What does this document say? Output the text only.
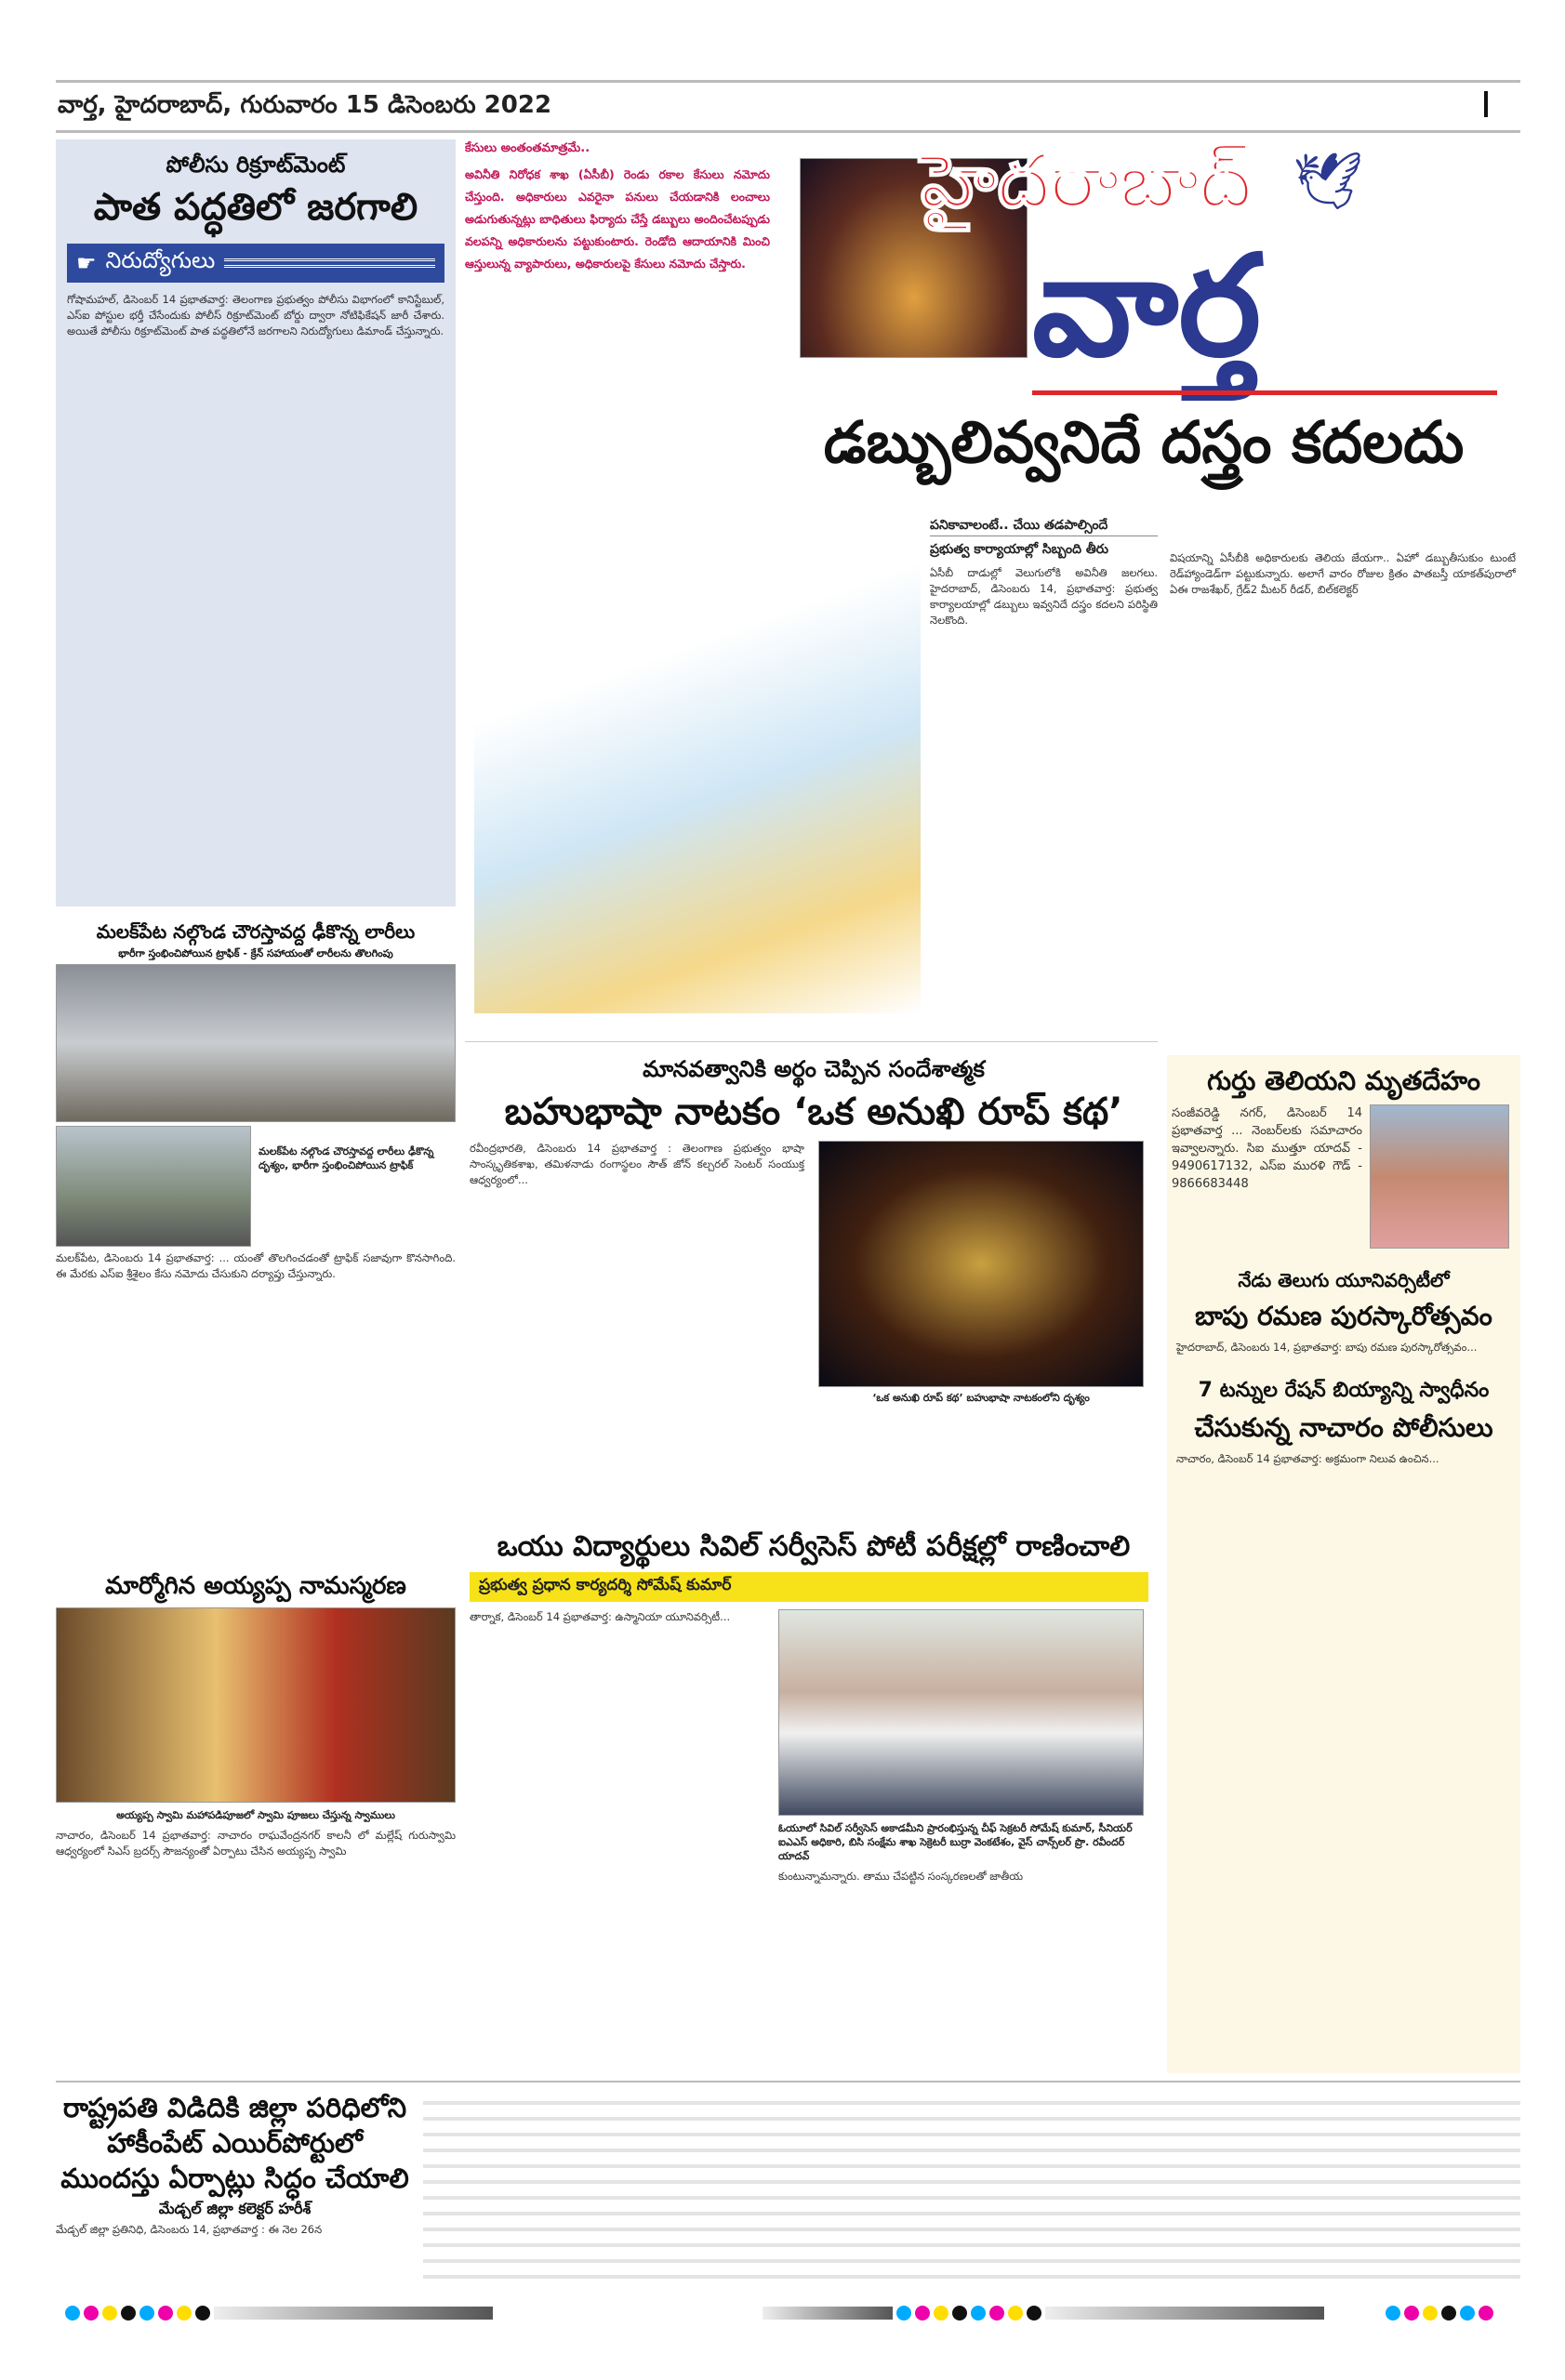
వార్త, హైదరాబాద్, గురువారం 15 డిసెంబరు 2022
పోలీసు రిక్రూట్‌మెంట్
పాత పద్ధతిలో జరగాలి
☛ నిరుద్యోగులు
గోషామహల్, డిసెంబర్ 14 ప్రభాతవార్త: తెలంగాణ ప్రభుత్వం పోలీసు విభాగంలో కానిస్టేబుల్, ఎస్ఐ పోస్టుల భర్తీ చేసేందుకు పోలీస్ రిక్రూట్‌మెంట్ బోర్డు ద్వారా నోటిఫికేషన్ జారీ చేశారు. అయితే పోలీసు రిక్రూట్‌మెంట్ పాత పద్ధతిలోనే జరగాలని నిరుద్యోగులు డిమాండ్ చేస్తున్నారు.
కేసులు అంతంతమాత్రమే..
అవినీతి నిరోధక శాఖ (ఏసీబీ) రెండు రకాల కేసులు నమోదు చేస్తుంది. అధికారులు ఎవరైనా పనులు చేయడానికి లంచాలు అడుగుతున్నట్లు బాధితులు ఫిర్యాదు చేస్తే డబ్బులు అందించేటప్పుడు వలపన్ని అధికారులను పట్టుకుంటారు. రెండోది ఆదాయానికి మించి ఆస్తులున్న వ్యాపారులు, అధికారులపై కేసులు నమోదు చేస్తారు.
హైదరాబాద్ 🕊
వార్త
డబ్బులివ్వనిదే దస్త్రం కదలదు
పనికావాలంటే.. చేయి తడపాల్సిందే
ప్రభుత్వ కార్యాయాల్లో సిబ్బంది తీరు
ఏసీబీ దాడుల్లో వెలుగులోకి అవినీతి జలగలు. హైదరాబాద్, డిసెంబరు 14, ప్రభాతవార్త: ప్రభుత్వ కార్యాలయాల్లో డబ్బులు ఇవ్వనిదే దస్త్రం కదలని పరిస్థితి నెలకొంది.
విషయాన్ని ఏసీబీకి అధికారులకు తెలియ జేయగా.. ఏహో డబ్బుతీసుకుం టుంటే రెడ్‌హ్యాండెడ్‌గా పట్టుకున్నారు. అలాగే వారం రోజుల క్రితం పాతబస్తీ యాకత్‌పురాలో ఏఈ రాజశేఖర్, గ్రేడ్2 మీటర్ రీడర్, బిల్‌కలెక్టర్
మలక్‌పేట నల్గొండ చౌరస్తావద్ద ఢీకొన్న లారీలు
భారీగా స్తంభించిపోయిన ట్రాఫిక్ - క్రేన్ సహాయంతో లారీలను తొలగింపు
మలక్‌పేట నల్గొండ చౌరస్తావద్ద లారీలు ఢీకొన్న దృశ్యం, భారీగా స్తంభించిపోయిన ట్రాఫిక్
మలక్‌పేట, డిసెంబరు 14 ప్రభాతవార్త: ... యంతో తొలగించడంతో ట్రాఫిక్ సజావుగా కొనసాగింది. ఈ మేరకు ఎస్ఐ శ్రీశైలం కేసు నమోదు చేసుకుని దర్యాప్తు చేస్తున్నారు.
మార్మోగిన అయ్యప్ప నామస్మరణ
అయ్యప్ప స్వామి మహాపడిపూజలో స్వామి పూజలు చేస్తున్న స్వాములు
నాచారం, డిసెంబర్ 14 ప్రభాతవార్త: నాచారం రాఘవేంద్రనగర్ కాలనీ లో మల్లేష్ గురుస్వామి ఆధ్వర్యంలో సిఎస్ బ్రదర్స్ సౌజన్యంతో ఏర్పాటు చేసిన అయ్యప్ప స్వామి
మానవత్వానికి అర్థం చెప్పిన సందేశాత్మక
బహుభాషా నాటకం ‘ఒక అనుఖి రూప్ కథ’
రవీంద్రభారతి, డిసెంబరు 14 ప్రభాతవార్త : తెలంగాణ ప్రభుత్వం భాషా సాంస్కృతికశాఖ, తమిళనాడు రంగాస్థలం సౌత్ జోన్ కల్చరల్ సెంటర్ సంయుక్త ఆధ్వర్యంలో...
‘ఒక అనుఖి రూప్ కథ’ బహుభాషా నాటకంలోని దృశ్యం
ఒయు విద్యార్థులు సివిల్ సర్వీసెస్ పోటీ పరీక్షల్లో రాణించాలి
ప్రభుత్వ ప్రధాన కార్యదర్శి సోమేష్ కుమార్
తార్నాక, డిసెంబర్ 14 ప్రభాతవార్త: ఉస్మానియా యూనివర్సిటీ...
ఓయూలో సివిల్ సర్వీసెస్ అకాడమీని ప్రారంభిస్తున్న చీఫ్ సెక్రటరీ సోమేష్ కుమార్, సీనియర్ ఐఎఎస్ అధికారి, బిసి సంక్షేమ శాఖ సెక్రెటరీ బుర్రా వెంకటేశం, వైస్ చాన్స్‌లర్ ప్రొ. రవీందర్ యాదవ్
కుంటున్నామన్నారు. తాము చేపట్టిన సంస్కరణలతో జాతీయ
గుర్తు తెలియని మృతదేహం
సంజీవరెడ్డి నగర్, డిసెంబర్ 14 ప్రభాతవార్త ... నెంబర్‌లకు సమాచారం ఇవ్వాలన్నారు. సిఐ ముత్తూ యాదవ్ - 9490617132, ఎస్ఐ మురళి గౌడ్ - 9866683448
నేడు తెలుగు యూనివర్సిటీలో
బాపు రమణ పురస్కారోత్సవం
హైదరాబాద్, డిసెంబరు 14, ప్రభాతవార్త: బాపు రమణ పురస్కారోత్సవం...
7 టన్నుల రేషన్ బియ్యాన్ని స్వాధీనం
చేసుకున్న నాచారం పోలీసులు
నాచారం, డిసెంబర్ 14 ప్రభాతవార్త: అక్రమంగా నిలువ ఉంచిన...
రాష్ట్రపతి విడిదికి జిల్లా పరిధిలోని హాకీంపేట్ ఎయిర్‌పోర్టులో ముందస్తు ఏర్పాట్లు సిద్ధం చేయాలి
మేడ్చల్ జిల్లా కలెక్టర్ హరీశ్
మేడ్చల్ జిల్లా ప్రతినిధి, డిసెంబరు 14, ప్రభాతవార్త : ఈ నెల 26న
